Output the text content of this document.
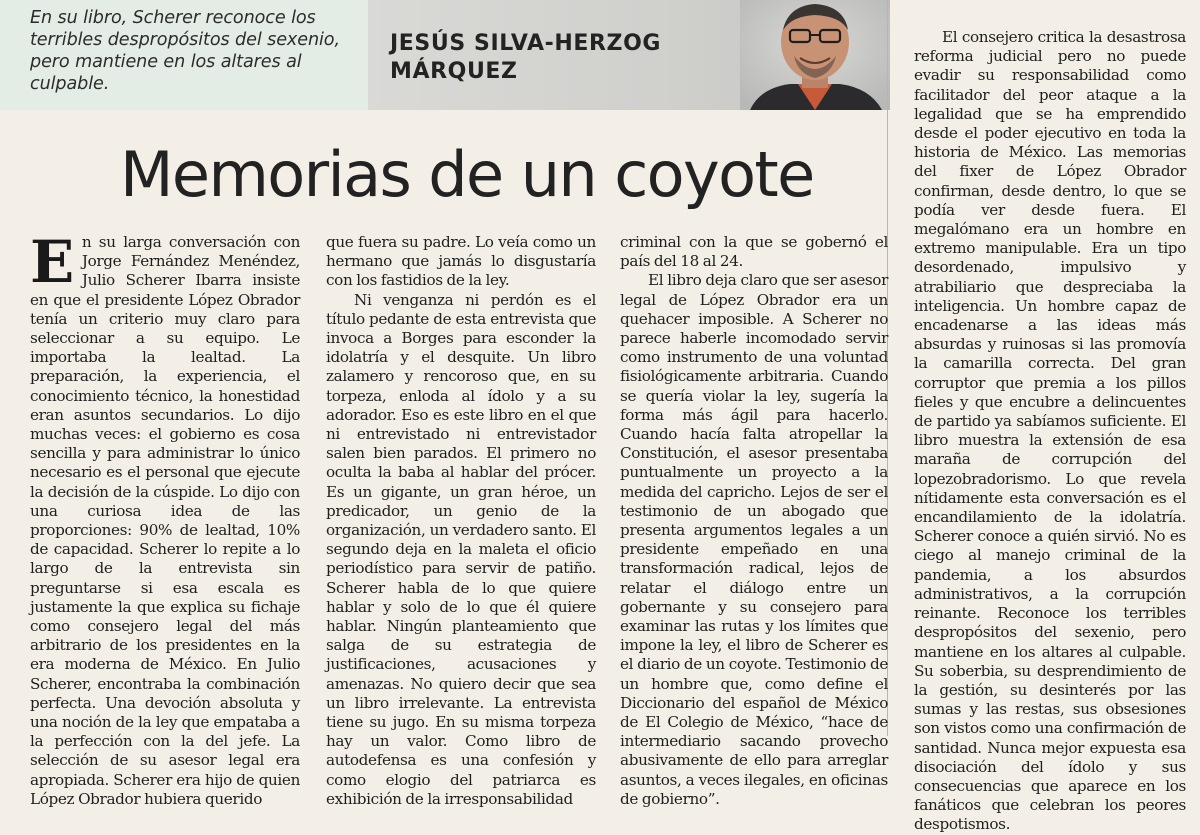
En su libro, Scherer reconoce los terribles despropósitos del sexenio, pero mantiene en los altares al culpable.
JESÚS SILVA-HERZOG
MÁRQUEZ
Memorias de un coyote
E n su larga conversación con Jorge Fernández Menéndez, Julio Scherer Ibarra insiste en que el presidente López Obrador tenía un criterio muy claro para seleccionar a su equipo. Le importaba la lealtad. La preparación, la experiencia, el conocimiento técnico, la honestidad eran asuntos secundarios. Lo dijo muchas veces: el gobierno es cosa sencilla y para administrar lo único necesario es el personal que ejecute la decisión de la cúspide. Lo dijo con una curiosa idea de las proporciones: 90% de lealtad, 10% de capacidad. Scherer lo repite a lo largo de la entrevista sin preguntarse si esa escala es justamente la que explica su fichaje como consejero legal del más arbitrario de los presidentes en la era moderna de México. En Julio Scherer, encontraba la combinación perfecta. Una devoción absoluta y una noción de la ley que empataba a la perfección con la del jefe. La selección de su asesor legal era apropiada. Scherer era hijo de quien López Obrador hubiera querido

que fuera su padre. Lo veía como un hermano que jamás lo disgustaría con los fastidios de la ley.

Ni venganza ni perdón es el título pedante de esta entrevista que invoca a Borges para esconder la idolatría y el desquite. Un libro zalamero y rencoroso que, en su torpeza, enloda al ídolo y a su adorador. Eso es este libro en el que ni entrevistado ni entrevistador salen bien parados. El primero no oculta la baba al hablar del prócer. Es un gigante, un gran héroe, un predicador, un genio de la organización, un verdadero santo. El segundo deja en la maleta el oficio periodístico para servir de patiño. Scherer habla de lo que quiere hablar y solo de lo que él quiere hablar. Ningún planteamiento que salga de su estrategia de justificaciones, acusaciones y amenazas. No quiero decir que sea un libro irrelevante. La entrevista tiene su jugo. En su misma torpeza hay un valor. Como libro de autodefensa es una confesión y como elogio del patriarca es exhibición de la irresponsabilidad

criminal con la que se gobernó el país del 18 al 24.

El libro deja claro que ser asesor legal de López Obrador era un quehacer imposible. A Scherer no parece haberle incomodado servir como instrumento de una voluntad fisiológicamente arbitraria. Cuando se quería violar la ley, sugería la forma más ágil para hacerlo. Cuando hacía falta atropellar la Constitución, el asesor presentaba puntualmente un proyecto a la medida del capricho. Lejos de ser el testimonio de un abogado que presenta argumentos legales a un presidente empeñado en una transformación radical, lejos de relatar el diálogo entre un gobernante y su consejero para examinar las rutas y los límites que impone la ley, el libro de Scherer es el diario de un coyote. Testimonio de un hombre que, como define el Diccionario del español de México de El Colegio de México, “hace de intermediario sacando provecho abusivamente de ello para arreglar asuntos, a veces ilegales, en oficinas de gobierno”.

El consejero critica la desastrosa reforma judicial pero no puede evadir su responsabilidad como facilitador del peor ataque a la legalidad que se ha emprendido desde el poder ejecutivo en toda la historia de México. Las memorias del fixer de López Obrador confirman, desde dentro, lo que se podía ver desde fuera. El megalómano era un hombre en extremo manipulable. Era un tipo desordenado, impulsivo y atrabiliario que despreciaba la inteligencia. Un hombre capaz de encadenarse a las ideas más absurdas y ruinosas si las promovía la camarilla correcta. Del gran corruptor que premia a los pillos fieles y que encubre a delincuentes de partido ya sabíamos suficiente. El libro muestra la extensión de esa maraña de corrupción del lopezobradorismo. Lo que revela nítidamente esta conversación es el encandilamiento de la idolatría. Scherer conoce a quién sirvió. No es ciego al manejo criminal de la pandemia, a los absurdos administrativos, a la corrupción reinante. Reconoce los terribles despropósitos del sexenio, pero mantiene en los altares al culpable. Su soberbia, su desprendimiento de la gestión, su desinterés por las sumas y las restas, sus obsesiones son vistos como una confirmación de santidad. Nunca mejor expuesta esa disociación del ídolo y sus consecuencias que aparece en los fanáticos que celebran los peores despotismos.
